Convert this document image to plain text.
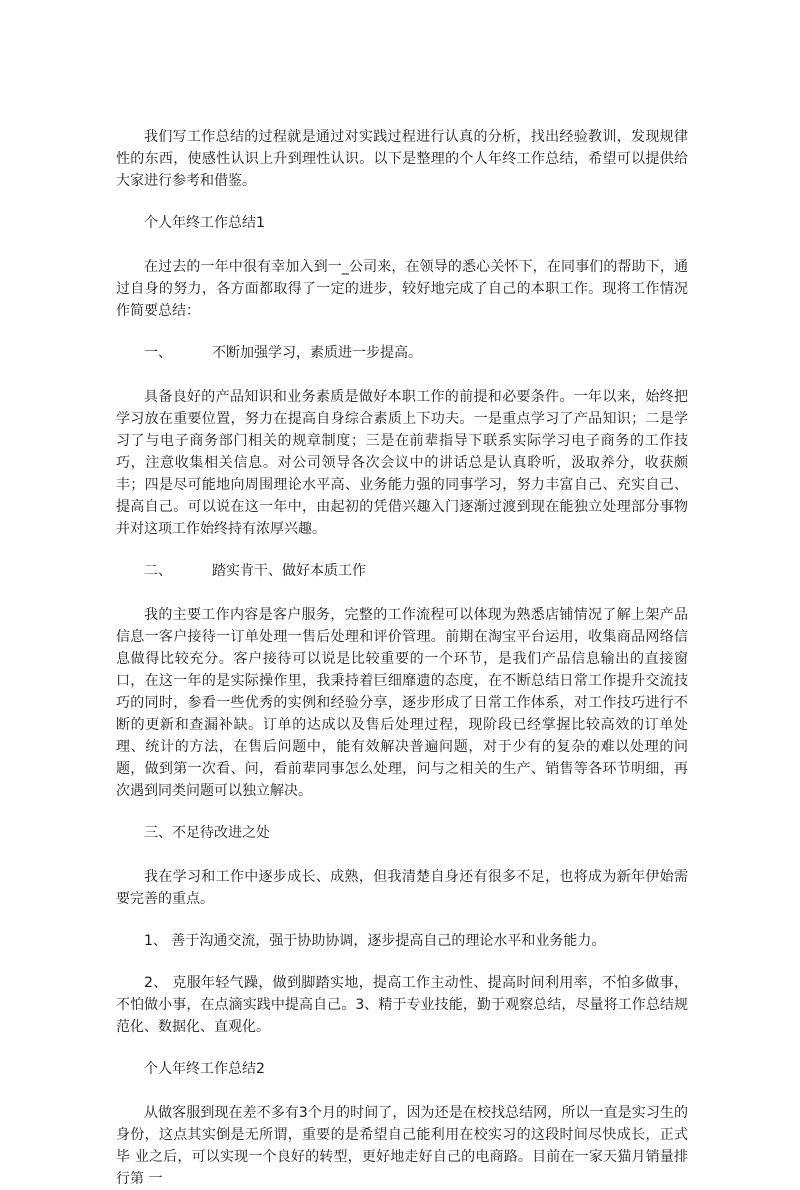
我们写工作总结的过程就是通过对实践过程进行认真的分析，找出经验教训，发现规律性的东西，使感性认识上升到理性认识。以下是整理的个人年终工作总结，希望可以提供给大家进行参考和借鉴。

个人年终工作总结1

在过去的一年中很有幸加入到一_公司来，在领导的悉心关怀下，在同事们的帮助下，通过自身的努力，各方面都取得了一定的进步，较好地完成了自己的本职工作。现将工作情况作简要总结：

一、	不断加强学习，素质进一步提高。

具备良好的产品知识和业务素质是做好本职工作的前提和必要条件。一年以来，始终把学习放在重要位置，努力在提高自身综合素质上下功夫。一是重点学习了产品知识；二是学习了与电子商务部门相关的规章制度；三是在前辈指导下联系实际学习电子商务的工作技巧，注意收集相关信息。对公司领导各次会议中的讲话总是认真聆听，汲取养分，收获颇丰；四是尽可能地向周围理论水平高、业务能力强的同事学习，努力丰富自己、充实自己、提高自己。可以说在这一年中，由起初的凭借兴趣入门逐渐过渡到现在能独立处理部分事物并对这项工作始终持有浓厚兴趣。

二、	踏实肯干、做好本质工作

我的主要工作内容是客户服务，完整的工作流程可以体现为熟悉店铺情况了解上架产品信息一客户接待一订单处理一售后处理和评价管理。前期在淘宝平台运用，收集商品网络信息做得比较充分。客户接待可以说是比较重要的一个环节，是我们产品信息输出的直接窗口，在这一年的是实际操作里，我秉持着巨细靡遗的态度，在不断总结日常工作提升交流技巧的同时，参看一些优秀的实例和经验分享，逐步形成了日常工作体系，对工作技巧进行不断的更新和查漏补缺。订单的达成以及售后处理过程，现阶段已经掌握比较高效的订单处理、统计的方法，在售后问题中，能有效解决普遍问题，对于少有的复杂的难以处理的问题，做到第一次看、问，看前辈同事怎么处理，问与之相关的生产、销售等各环节明细，再次遇到同类问题可以独立解决。

三、不足待改进之处

我在学习和工作中逐步成长、成熟，但我清楚自身还有很多不足，也将成为新年伊始需要完善的重点。

1、 善于沟通交流，强于协助协调，逐步提高自己的理论水平和业务能力。

2、 克服年轻气躁，做到脚踏实地，提高工作主动性、提高时间利用率，不怕多做事，不怕做小事，在点滴实践中提高自己。3、精于专业技能，勤于观察总结，尽量将工作总结规范化、数据化、直观化。

个人年终工作总结2

从做客服到现在差不多有3个月的时间了，因为还是在校找总结网，所以一直是实习生的 身份，这点其实倒是无所谓，重要的是希望自己能利用在校实习的这段时间尽快成长，正式毕 业之后，可以实现一个良好的转型，更好地走好自己的电商路。目前在一家天猫月销量排行第 一
